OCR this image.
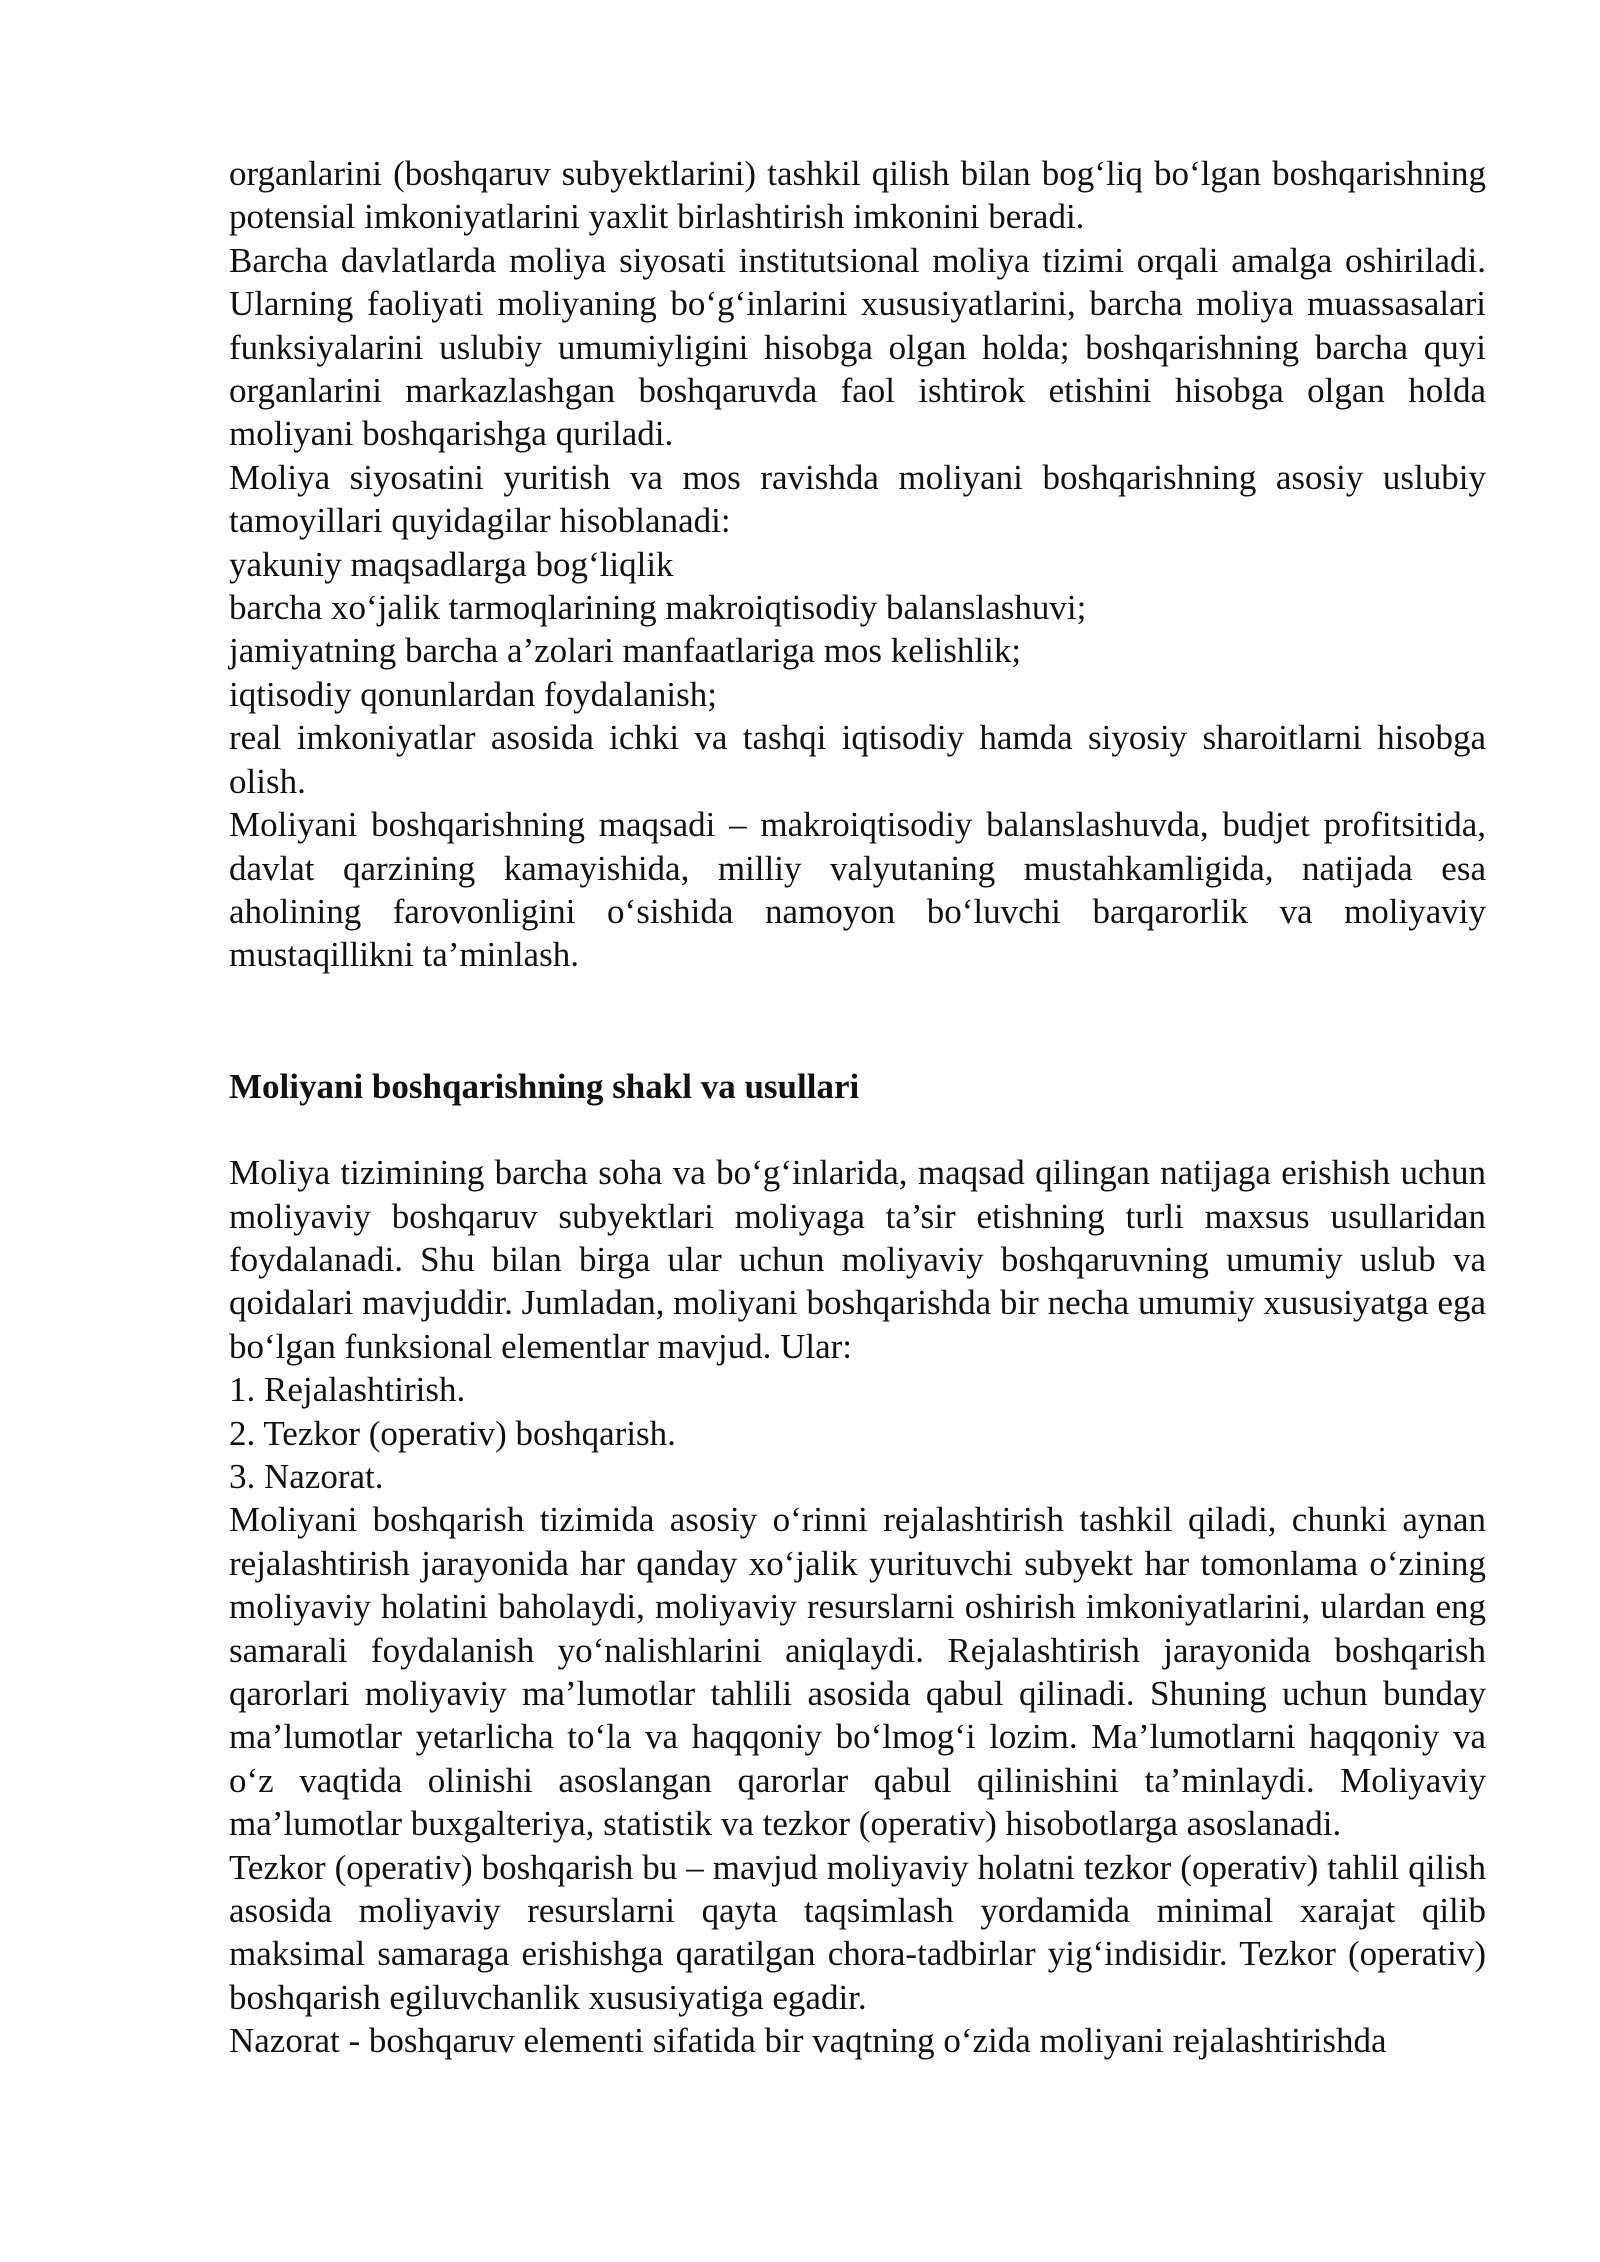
organlarini (boshqaruv subyektlarini) tashkil qilish bilan bog‘liq bo‘lgan boshqarishning potensial imkoniyatlarini yaxlit birlashtirish imkonini beradi.

Barcha davlatlarda moliya siyosati institutsional moliya tizimi orqali amalga oshiriladi. Ularning faoliyati moliyaning bo‘g‘inlarini xususiyatlarini, barcha moliya muassasalari funksiyalarini uslubiy umumiyligini hisobga olgan holda; boshqarishning barcha quyi organlarini markazlashgan boshqaruvda faol ishtirok etishini hisobga olgan holda moliyani boshqarishga quriladi.

Moliya siyosatini yuritish va mos ravishda moliyani boshqarishning asosiy uslubiy tamoyillari quyidagilar hisoblanadi:

yakuniy maqsadlarga bog‘liqlik

barcha xo‘jalik tarmoqlarining makroiqtisodiy balanslashuvi;

jamiyatning barcha a’zolari manfaatlariga mos kelishlik;

iqtisodiy qonunlardan foydalanish;

real imkoniyatlar asosida ichki va tashqi iqtisodiy hamda siyosiy sharoitlarni hisobga olish.

Moliyani boshqarishning maqsadi – makroiqtisodiy balanslashuvda, budjet profitsitida, davlat qarzining kamayishida, milliy valyutaning mustahkamligida, natijada esa aholining farovonligini o‘sishida namoyon bo‘luvchi barqarorlik va moliyaviy mustaqillikni ta’minlash.

Moliyani boshqarishning shakl va usullari

Moliya tizimining barcha soha va bo‘g‘inlarida, maqsad qilingan natijaga erishish uchun moliyaviy boshqaruv subyektlari moliyaga ta’sir etishning turli maxsus usullaridan foydalanadi. Shu bilan birga ular uchun moliyaviy boshqaruvning umumiy uslub va qoidalari mavjuddir. Jumladan, moliyani boshqarishda bir necha umumiy xususiyatga ega bo‘lgan funksional elementlar mavjud. Ular:

1. Rejalashtirish.

2. Tezkor (operativ) boshqarish.

3. Nazorat.

Moliyani boshqarish tizimida asosiy o‘rinni rejalashtirish tashkil qiladi, chunki aynan rejalashtirish jarayonida har qanday xo‘jalik yurituvchi subyekt har tomonlama o‘zining moliyaviy holatini baholaydi, moliyaviy resurslarni oshirish imkoniyatlarini, ulardan eng samarali foydalanish yo‘nalishlarini aniqlaydi. Rejalashtirish jarayonida boshqarish qarorlari moliyaviy ma’lumotlar tahlili asosida qabul qilinadi. Shuning uchun bunday ma’lumotlar yetarlicha to‘la va haqqoniy bo‘lmog‘i lozim. Ma’lumotlarni haqqoniy va o‘z vaqtida olinishi asoslangan qarorlar qabul qilinishini ta’minlaydi. Moliyaviy ma’lumotlar buxgalteriya, statistik va tezkor (operativ) hisobotlarga asoslanadi.

Tezkor (operativ) boshqarish bu – mavjud moliyaviy holatni tezkor (operativ) tahlil qilish asosida moliyaviy resurslarni qayta taqsimlash yordamida minimal xarajat qilib maksimal samaraga erishishga qaratilgan chora-tadbirlar yig‘indisidir. Tezkor (operativ) boshqarish egiluvchanlik xususiyatiga egadir.

Nazorat - boshqaruv elementi sifatida bir vaqtning o‘zida moliyani rejalashtirishda
